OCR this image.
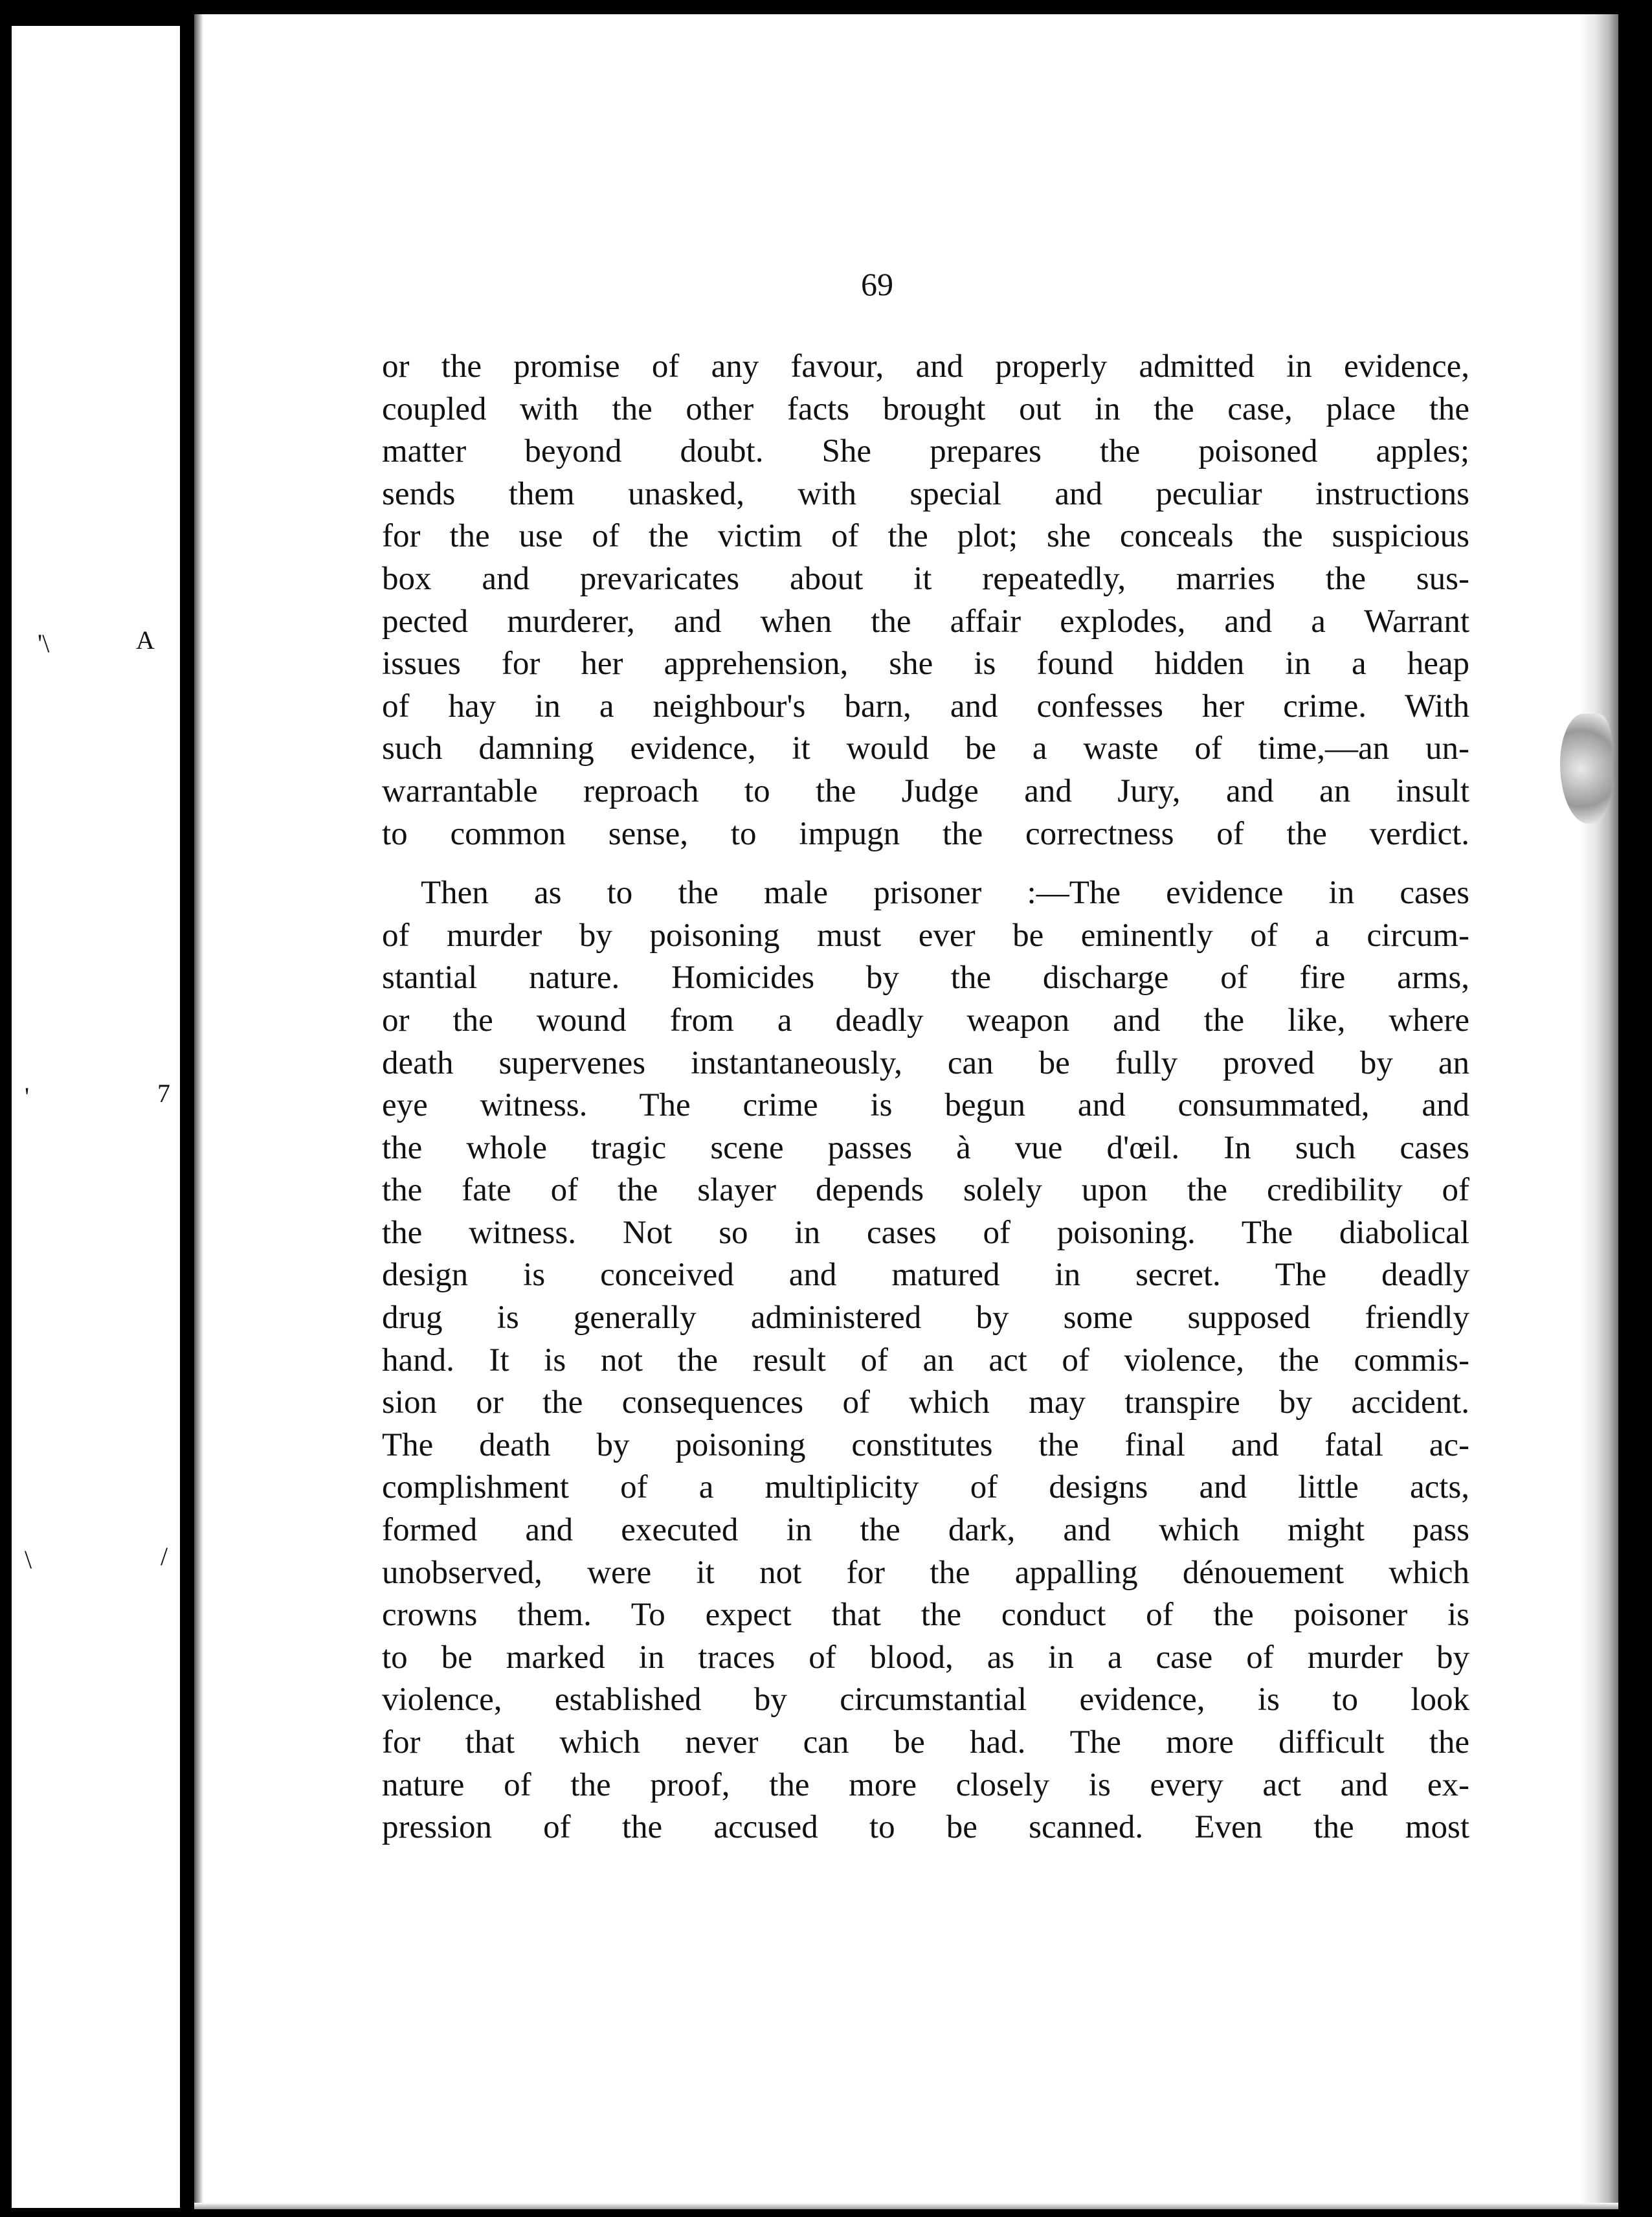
A
'\
7
'
/
\

69

or the promise of any favour, and properly admitted in evidence,
coupled with the other facts brought out in the case, place the
matter beyond doubt. She prepares the poisoned apples;
sends them unasked, with special and peculiar instructions
for the use of the victim of the plot; she conceals the suspicious
box and prevaricates about it repeatedly, marries the sus-
pected murderer, and when the affair explodes, and a Warrant
issues for her apprehension, she is found hidden in a heap
of hay in a neighbour's barn, and confesses her crime. With
such damning evidence, it would be a waste of time,—an un-
warrantable reproach to the Judge and Jury, and an insult
to common sense, to impugn the correctness of the verdict.
Then as to the male prisoner :—The evidence in cases
of murder by poisoning must ever be eminently of a circum-
stantial nature. Homicides by the discharge of fire arms,
or the wound from a deadly weapon and the like, where
death supervenes instantaneously, can be fully proved by an
eye witness. The crime is begun and consummated, and
the whole tragic scene passes à vue d'œil. In such cases
the fate of the slayer depends solely upon the credibility of
the witness. Not so in cases of poisoning. The diabolical
design is conceived and matured in secret. The deadly
drug is generally administered by some supposed friendly
hand. It is not the result of an act of violence, the commis-
sion or the consequences of which may transpire by accident.
The death by poisoning constitutes the final and fatal ac-
complishment of a multiplicity of designs and little acts,
formed and executed in the dark, and which might pass
unobserved, were it not for the appalling dénouement which
crowns them. To expect that the conduct of the poisoner is
to be marked in traces of blood, as in a case of murder by
violence, established by circumstantial evidence, is to look
for that which never can be had. The more difficult the
nature of the proof, the more closely is every act and ex-
pression of the accused to be scanned. Even the most
